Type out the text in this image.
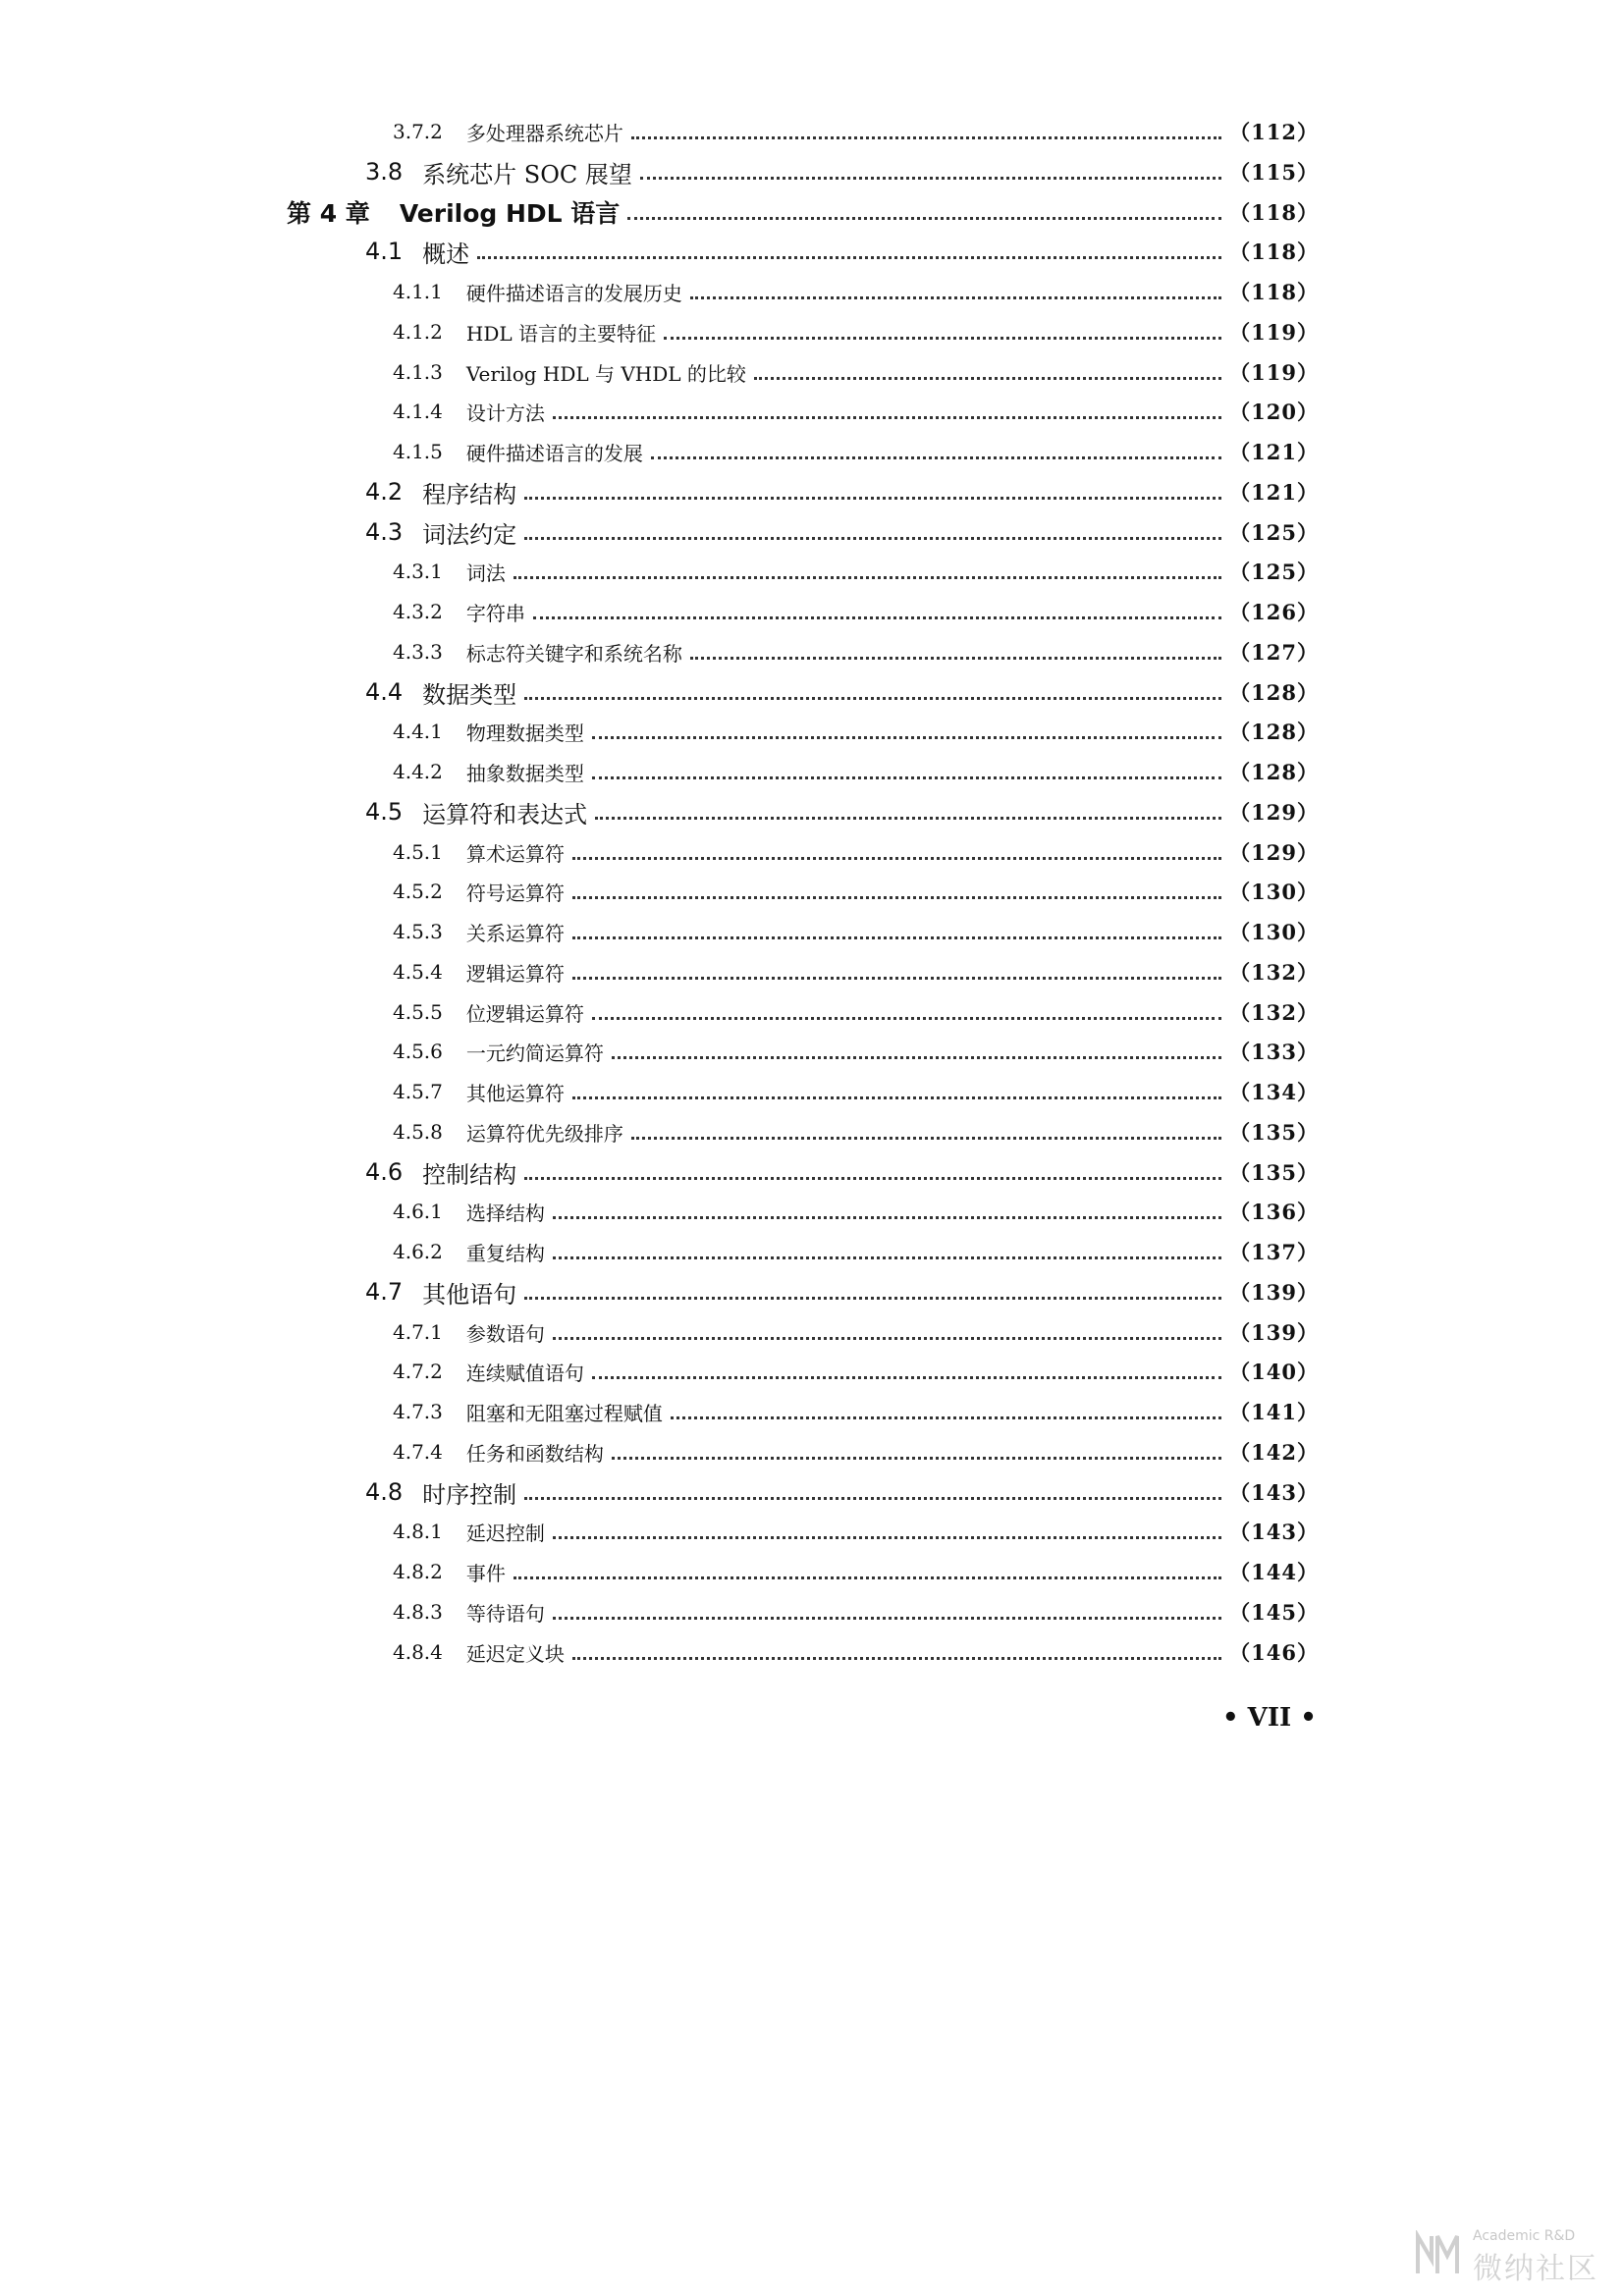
3.7.2 多处理器系统芯片	（112）
3.8 系统芯片 SOC 展望	（115）
第 4 章 Verilog HDL 语言	（118）
4.1 概述	（118）
4.1.1 硬件描述语言的发展历史	（118）
4.1.2 HDL 语言的主要特征	（119）
4.1.3 Verilog HDL 与 VHDL 的比较	（119）
4.1.4 设计方法	（120）
4.1.5 硬件描述语言的发展	（121）
4.2 程序结构	（121）
4.3 词法约定	（125）
4.3.1 词法	（125）
4.3.2 字符串	（126）
4.3.3 标志符关键字和系统名称	（127）
4.4 数据类型	（128）
4.4.1 物理数据类型	（128）
4.4.2 抽象数据类型	（128）
4.5 运算符和表达式	（129）
4.5.1 算术运算符	（129）
4.5.2 符号运算符	（130）
4.5.3 关系运算符	（130）
4.5.4 逻辑运算符	（132）
4.5.5 位逻辑运算符	（132）
4.5.6 一元约简运算符	（133）
4.5.7 其他运算符	（134）
4.5.8 运算符优先级排序	（135）
4.6 控制结构	（135）
4.6.1 选择结构	（136）
4.6.2 重复结构	（137）
4.7 其他语句	（139）
4.7.1 参数语句	（139）
4.7.2 连续赋值语句	（140）
4.7.3 阻塞和无阻塞过程赋值	（141）
4.7.4 任务和函数结构	（142）
4.8 时序控制	（143）
4.8.1 延迟控制	（143）
4.8.2 事件	（144）
4.8.3 等待语句	（145）
4.8.4 延迟定义块	（146）
• VII •
Academic R&D
微纳社区
